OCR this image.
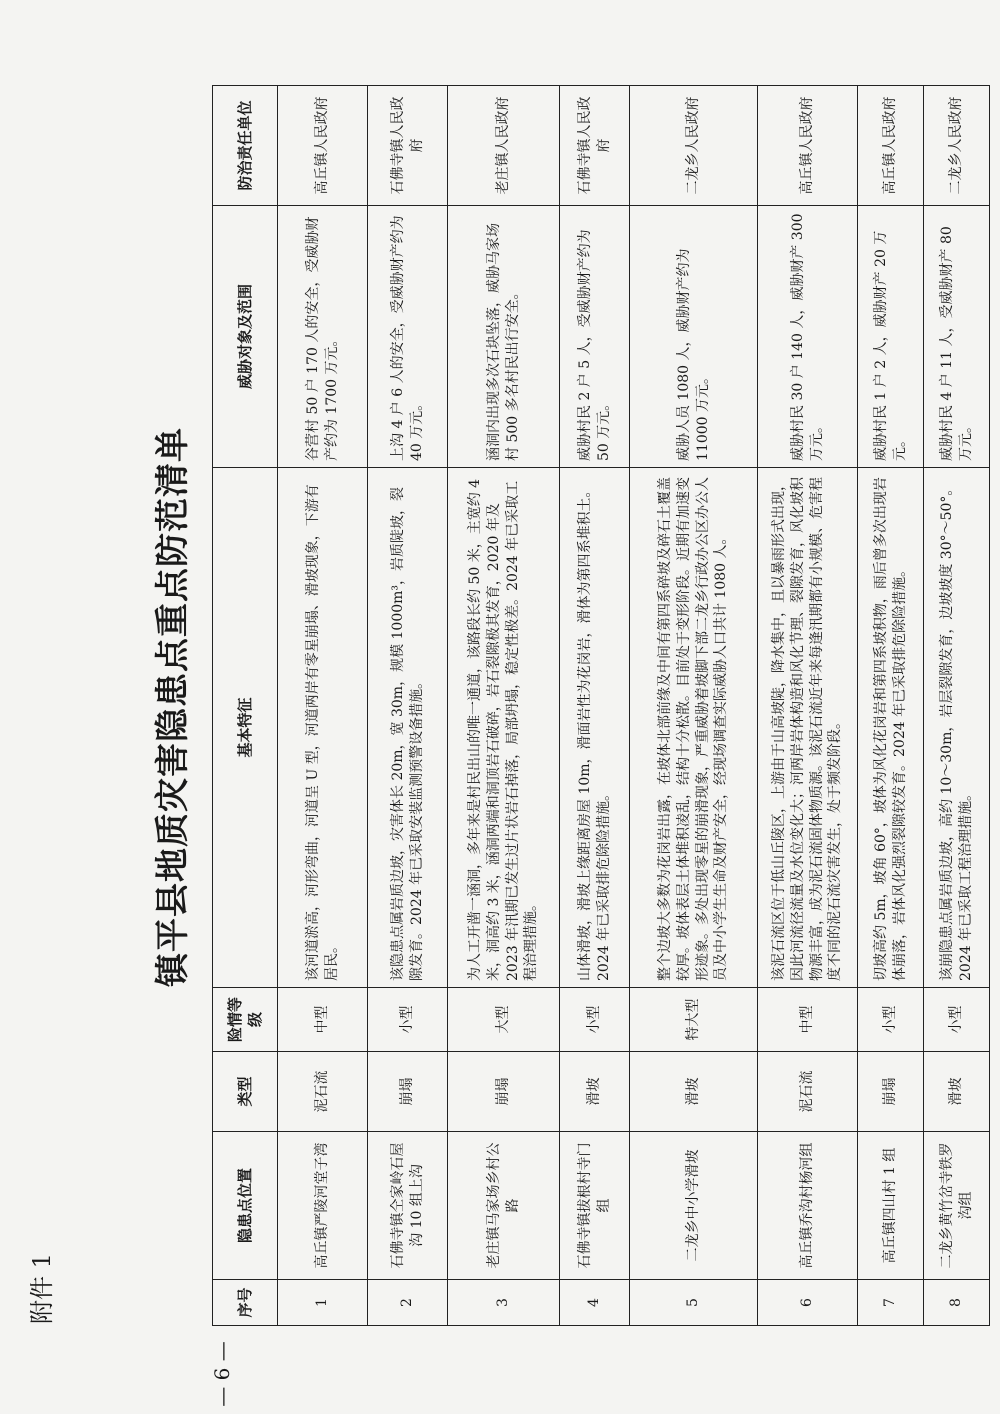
附件 1
镇平县地质灾害隐患点重点防范清单
— 6 —
序号	隐患点位置	类型	险情等级	基本特征	威胁对象及范围	防治责任单位
1	高丘镇严陵河堂子湾	泥石流	中型	该河道淤高，河形弯曲，河道呈 U 型，河道两岸有零星崩塌、滑坡现象，下游有居民。	谷营村 50 户 170 人的安全，受威胁财产约为 1700 万元。	高丘镇人民政府
2	石佛寺镇仝家岭石屋沟 10 组上沟	崩塌	小型	该隐患点属岩质边坡，灾害体长 20m，宽 30m，规模 1000m³，岩质陡坡，裂隙发育。2024 年已采取安装监测预警设备措施。	上沟 4 户 6 人的安全，受威胁财产约为 40 万元。	石佛寺镇人民政府
3	老庄镇马家场乡村公路	崩塌	大型	为人工开凿一涵洞，多年来是村民出山的唯一通道，该路段长约 50 米，主宽约 4 米，洞高约 3 米，涵洞两端和洞顶岩石破碎，岩石裂隙极其发育，2020 年及 2023 年汛期已发生过片状岩石掉落，局部坍塌，稳定性极差。2024 年已采取工程治理措施。	涵洞内出现多次石块坠落，威胁马家场村 500 多名村民出行安全。	老庄镇人民政府
4	石佛寺镇拔根村寺门组	滑坡	小型	山体滑坡，滑坡上缘距离房屋 10m，滑面岩性为花岗岩，滑体为第四系堆积土。2024 年已采取排危除险措施。	威胁村民 2 户 5 人，受威胁财产约为 50 万元。	石佛寺镇人民政府
5	二龙乡中小学滑坡	滑坡	特大型	整个边坡大多数为花岗岩出露，在坡体北部前缘及中间有第四系碎坡及碎石土覆盖较厚。坡体表层土体堆积凌乱，结构十分松散。目前处于变形阶段。近期有加速变形迹象。多处出现零星的崩滑现象，严重威胁着坡脚下部二龙乡行政办公区办公人员及中小学生生命及财产安全，经现场调查实际威胁人口共计 1080 人。	威胁人员 1080 人，威胁财产约为 11000 万元。	二龙乡人民政府
6	高丘镇乔沟村杨河组	泥石流	中型	该泥石流区位于低山丘陵区，上游由于山高坡陡，降水集中，且以暴雨形式出现，因此河流径流量及水位变化大；河两岸岩体构造和风化节理、裂隙发育，风化坡积物源丰富，成为泥石流固体物质源。该泥石流近年来每逢汛期都有小规模、危害程度不同的泥石流灾害发生，处于频发阶段。	威胁村民 30 户 140 人，威胁财产 300 万元。	高丘镇人民政府
7	高丘镇四山村 1 组	崩塌	小型	切坡高约 5m，坡角 60°，坡体为风化花岗岩和第四系坡积物，雨后曾多次出现岩体崩落，岩体风化强烈裂隙较发育。2024 年已采取排危除险措施。	威胁村民 1 户 2 人，威胁财产 20 万元。	高丘镇人民政府
8	二龙乡黄竹岔寺铁罗沟组	滑坡	小型	该崩隐患点属岩质边坡，高约 10～30m，岩层裂隙发育，边坡坡度 30°～50°。2024 年已采取工程治理措施。	威胁村民 4 户 11 人，受威胁财产 80 万元。	二龙乡人民政府
